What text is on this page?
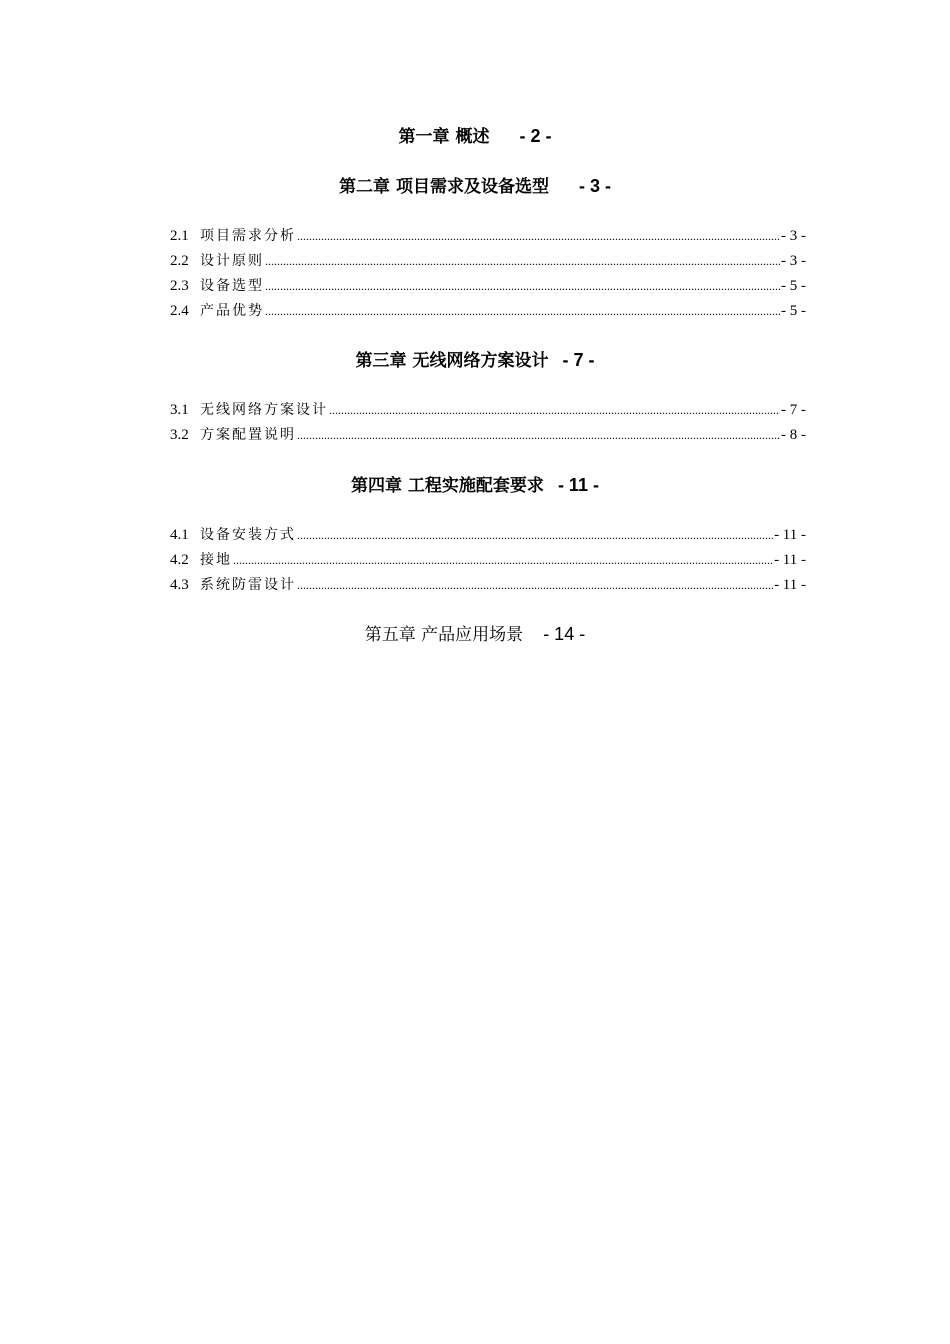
第一章 概述 - 2 -
第二章 项目需求及设备选型 - 3 -
2.1 项目需求分析 .....	- 3 -
2.2 设计原则 .....	- 3 -
2.3 设备选型 .....	- 5 -
2.4 产品优势 .....	- 5 -
第三章 无线网络方案设计 - 7 -
3.1 无线网络方案设计 .....	- 7 -
3.2 方案配置说明 .....	- 8 -
第四章 工程实施配套要求 - 11 -
4.1 设备安装方式 .....	- 11 -
4.2 接地 .....	- 11 -
4.3 系统防雷设计 .....	- 11 -
第五章 产品应用场景 - 14 -
